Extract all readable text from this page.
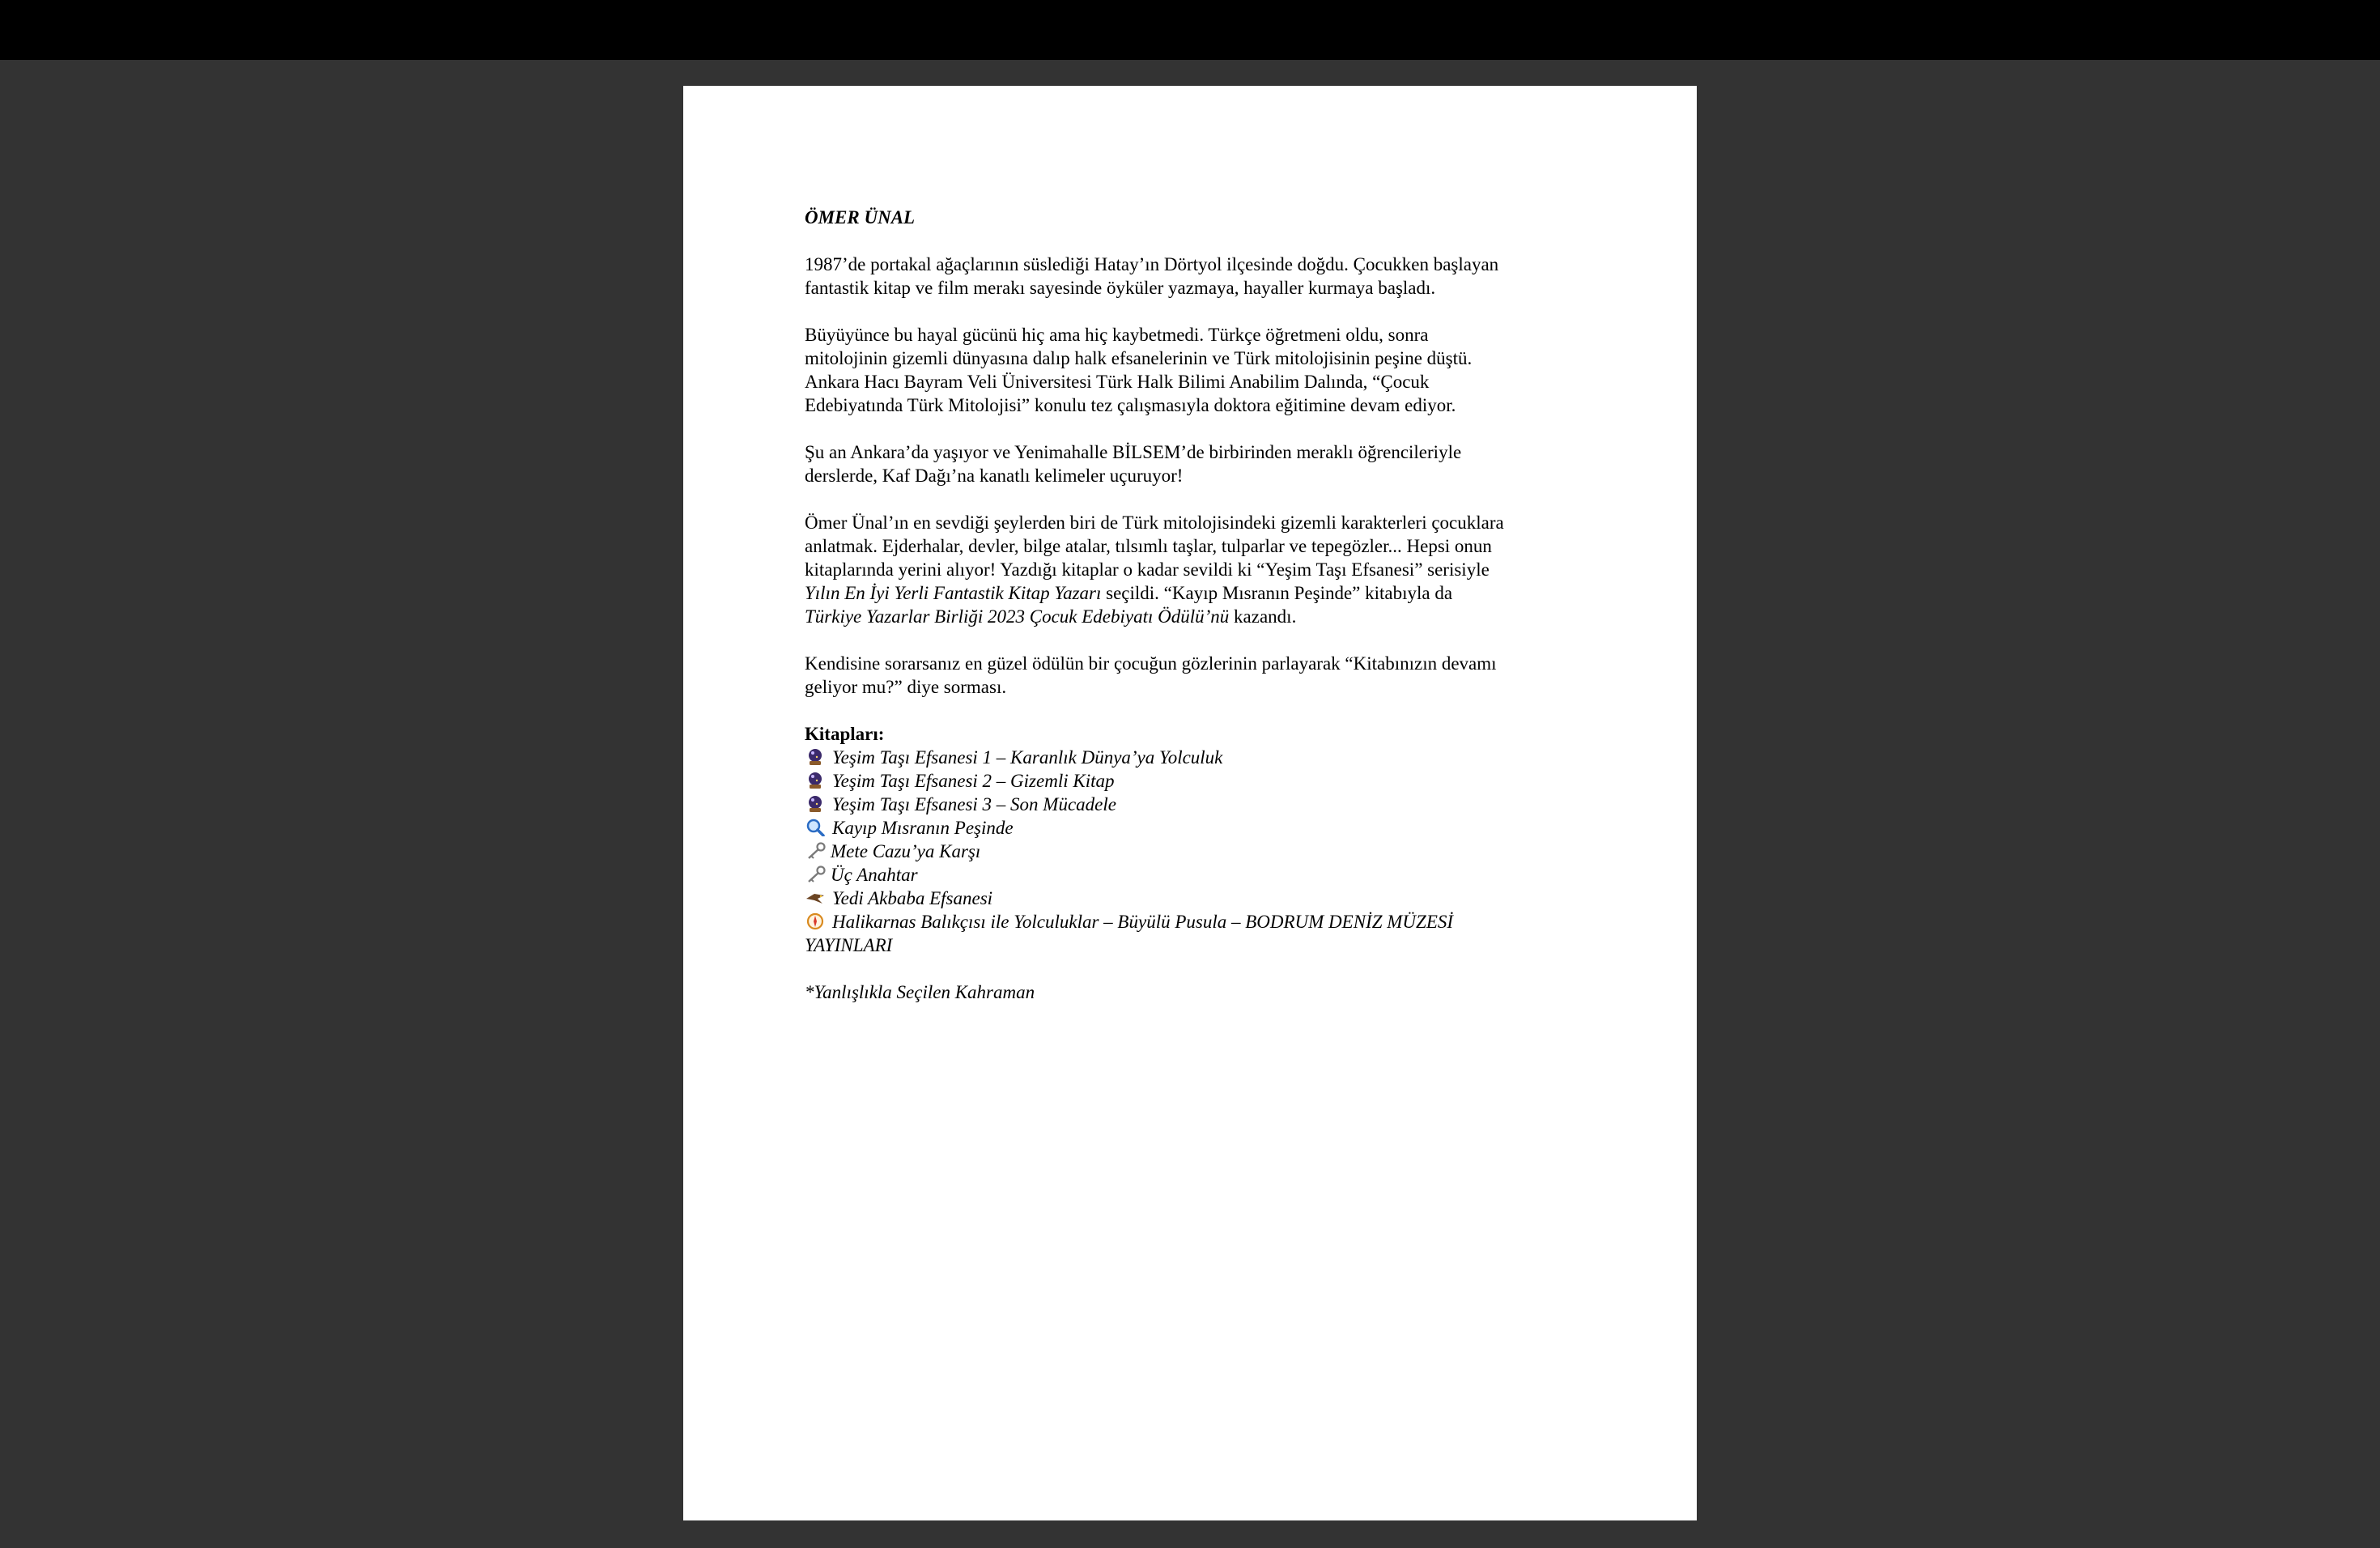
ÖMER ÜNAL
1987’de portakal ağaçlarının süslediği Hatay’ın Dörtyol ilçesinde doğdu. Çocukken başlayan
fantastik kitap ve film merakı sayesinde öyküler yazmaya, hayaller kurmaya başladı.
Büyüyünce bu hayal gücünü hiç ama hiç kaybetmedi. Türkçe öğretmeni oldu, sonra
mitolojinin gizemli dünyasına dalıp halk efsanelerinin ve Türk mitolojisinin peşine düştü.
Ankara Hacı Bayram Veli Üniversitesi Türk Halk Bilimi Anabilim Dalında, “Çocuk
Edebiyatında Türk Mitolojisi” konulu tez çalışmasıyla doktora eğitimine devam ediyor.
Şu an Ankara’da yaşıyor ve Yenimahalle BİLSEM’de birbirinden meraklı öğrencileriyle
derslerde, Kaf Dağı’na kanatlı kelimeler uçuruyor!
Ömer Ünal’ın en sevdiği şeylerden biri de Türk mitolojisindeki gizemli karakterleri çocuklara
anlatmak. Ejderhalar, devler, bilge atalar, tılsımlı taşlar, tulparlar ve tepegözler... Hepsi onun
kitaplarında yerini alıyor! Yazdığı kitaplar o kadar sevildi ki “Yeşim Taşı Efsanesi” serisiyle
Yılın En İyi Yerli Fantastik Kitap Yazarı seçildi. “Kayıp Mısranın Peşinde” kitabıyla da
Türkiye Yazarlar Birliği 2023 Çocuk Edebiyatı Ödülü’nü kazandı.
Kendisine sorarsanız en güzel ödülün bir çocuğun gözlerinin parlayarak “Kitabınızın devamı
geliyor mu?” diye sorması.
Kitapları:
Yeşim Taşı Efsanesi 1 – Karanlık Dünya’ya Yolculuk
Yeşim Taşı Efsanesi 2 – Gizemli Kitap
Yeşim Taşı Efsanesi 3 – Son Mücadele
Kayıp Mısranın Peşinde
Mete Cazu’ya Karşı
Üç Anahtar
Yedi Akbaba Efsanesi
Halikarnas Balıkçısı ile Yolculuklar – Büyülü Pusula – BODRUM DENİZ MÜZESİ
YAYINLARI
*Yanlışlıkla Seçilen Kahraman
